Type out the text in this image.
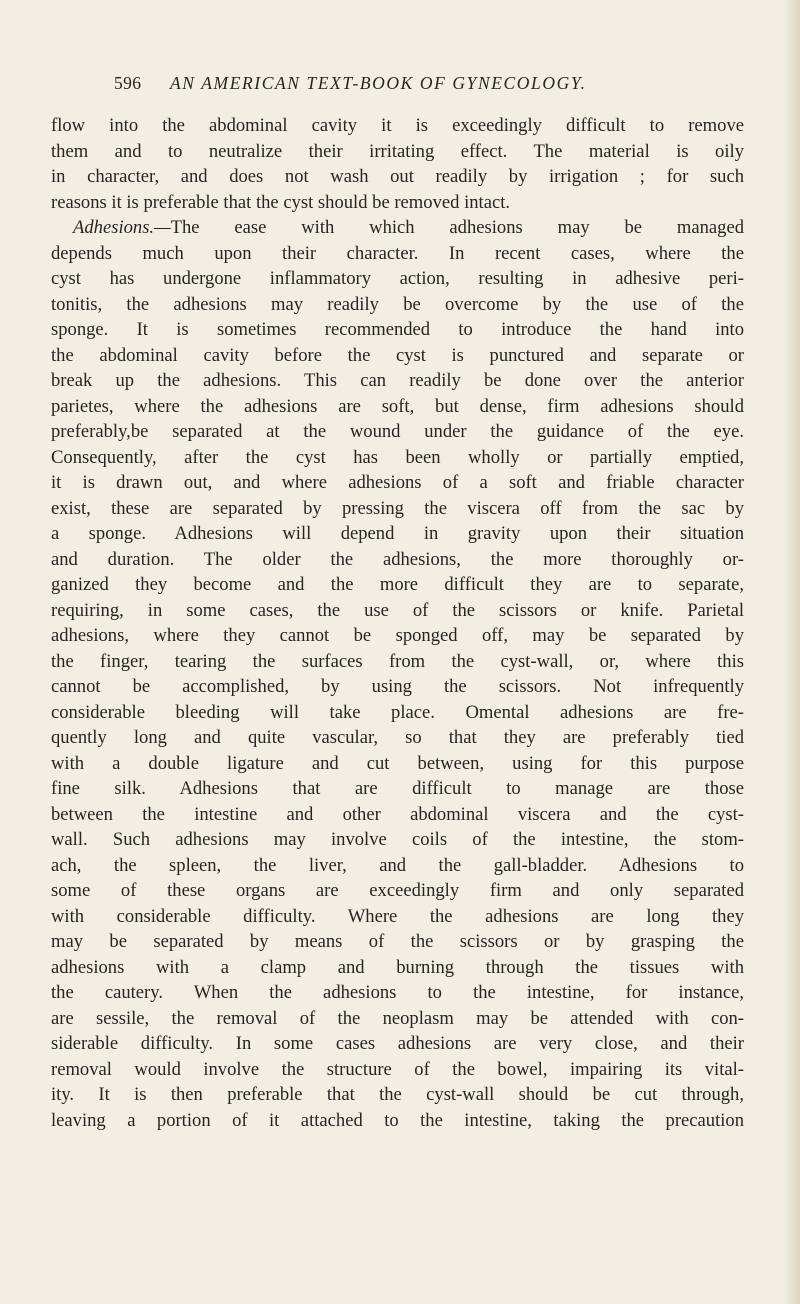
596 AN AMERICAN TEXT-BOOK OF GYNECOLOGY.
flow into the abdominal cavity it is exceedingly difficult to remove
them and to neutralize their irritating effect. The material is oily
in character, and does not wash out readily by irrigation ; for such
reasons it is preferable that the cyst should be removed intact.
Adhesions.—The ease with which adhesions may be managed
depends much upon their character. In recent cases, where the
cyst has undergone inflammatory action, resulting in adhesive peri-
tonitis, the adhesions may readily be overcome by the use of the
sponge. It is sometimes recommended to introduce the hand into
the abdominal cavity before the cyst is punctured and separate or
break up the adhesions. This can readily be done over the anterior
parietes, where the adhesions are soft, but dense, firm adhesions should
preferably,be separated at the wound under the guidance of the eye.
Consequently, after the cyst has been wholly or partially emptied,
it is drawn out, and where adhesions of a soft and friable character
exist, these are separated by pressing the viscera off from the sac by
a sponge. Adhesions will depend in gravity upon their situation
and duration. The older the adhesions, the more thoroughly or-
ganized they become and the more difficult they are to separate,
requiring, in some cases, the use of the scissors or knife. Parietal
adhesions, where they cannot be sponged off, may be separated by
the finger, tearing the surfaces from the cyst-wall, or, where this
cannot be accomplished, by using the scissors. Not infrequently
considerable bleeding will take place. Omental adhesions are fre-
quently long and quite vascular, so that they are preferably tied
with a double ligature and cut between, using for this purpose
fine silk. Adhesions that are difficult to manage are those
between the intestine and other abdominal viscera and the cyst-
wall. Such adhesions may involve coils of the intestine, the stom-
ach, the spleen, the liver, and the gall-bladder. Adhesions to
some of these organs are exceedingly firm and only separated
with considerable difficulty. Where the adhesions are long they
may be separated by means of the scissors or by grasping the
adhesions with a clamp and burning through the tissues with
the cautery. When the adhesions to the intestine, for instance,
are sessile, the removal of the neoplasm may be attended with con-
siderable difficulty. In some cases adhesions are very close, and their
removal would involve the structure of the bowel, impairing its vital-
ity. It is then preferable that the cyst-wall should be cut through,
leaving a portion of it attached to the intestine, taking the precaution
